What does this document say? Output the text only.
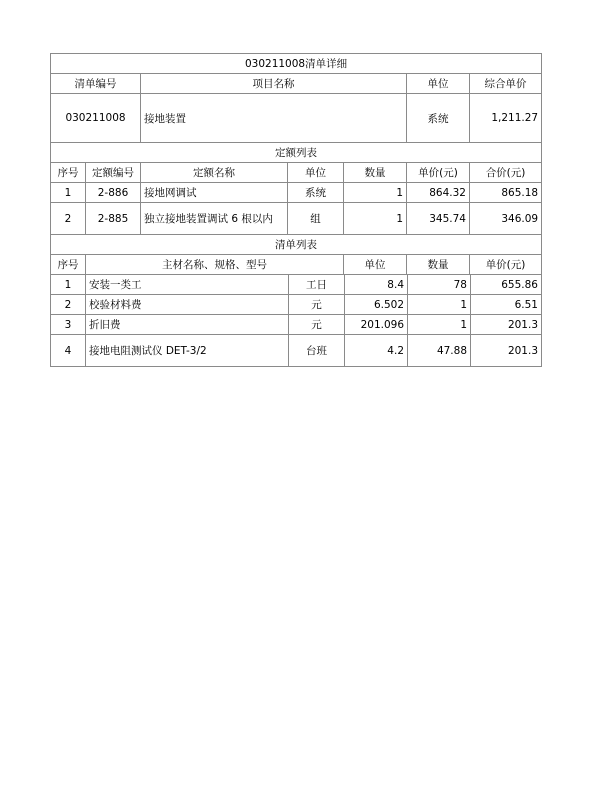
030211008清单详细							
清单编号		项目名称			单位	综合单价	
030211008		接地装置			系统	1,211.27	
定额列表							
序号	定额编号	定额名称	单位	数量	单价(元)	合价(元)	
1	2-886	接地网调试	系统	1	864.32	865.18	
2	2-885	独立接地装置调试 6 根以内	组	1	345.74	346.09	
清单列表							
序号	主材名称、规格、型号			单位	数量	单价(元)	
1	安装一类工	工日	8.4	78	655.86
2	校验材料费	元	6.502	1	6.51
3	折旧费	元	201.096	1	201.3
4	接地电阻测试仪 DET-3/2	台班	4.2	47.88	201.3
